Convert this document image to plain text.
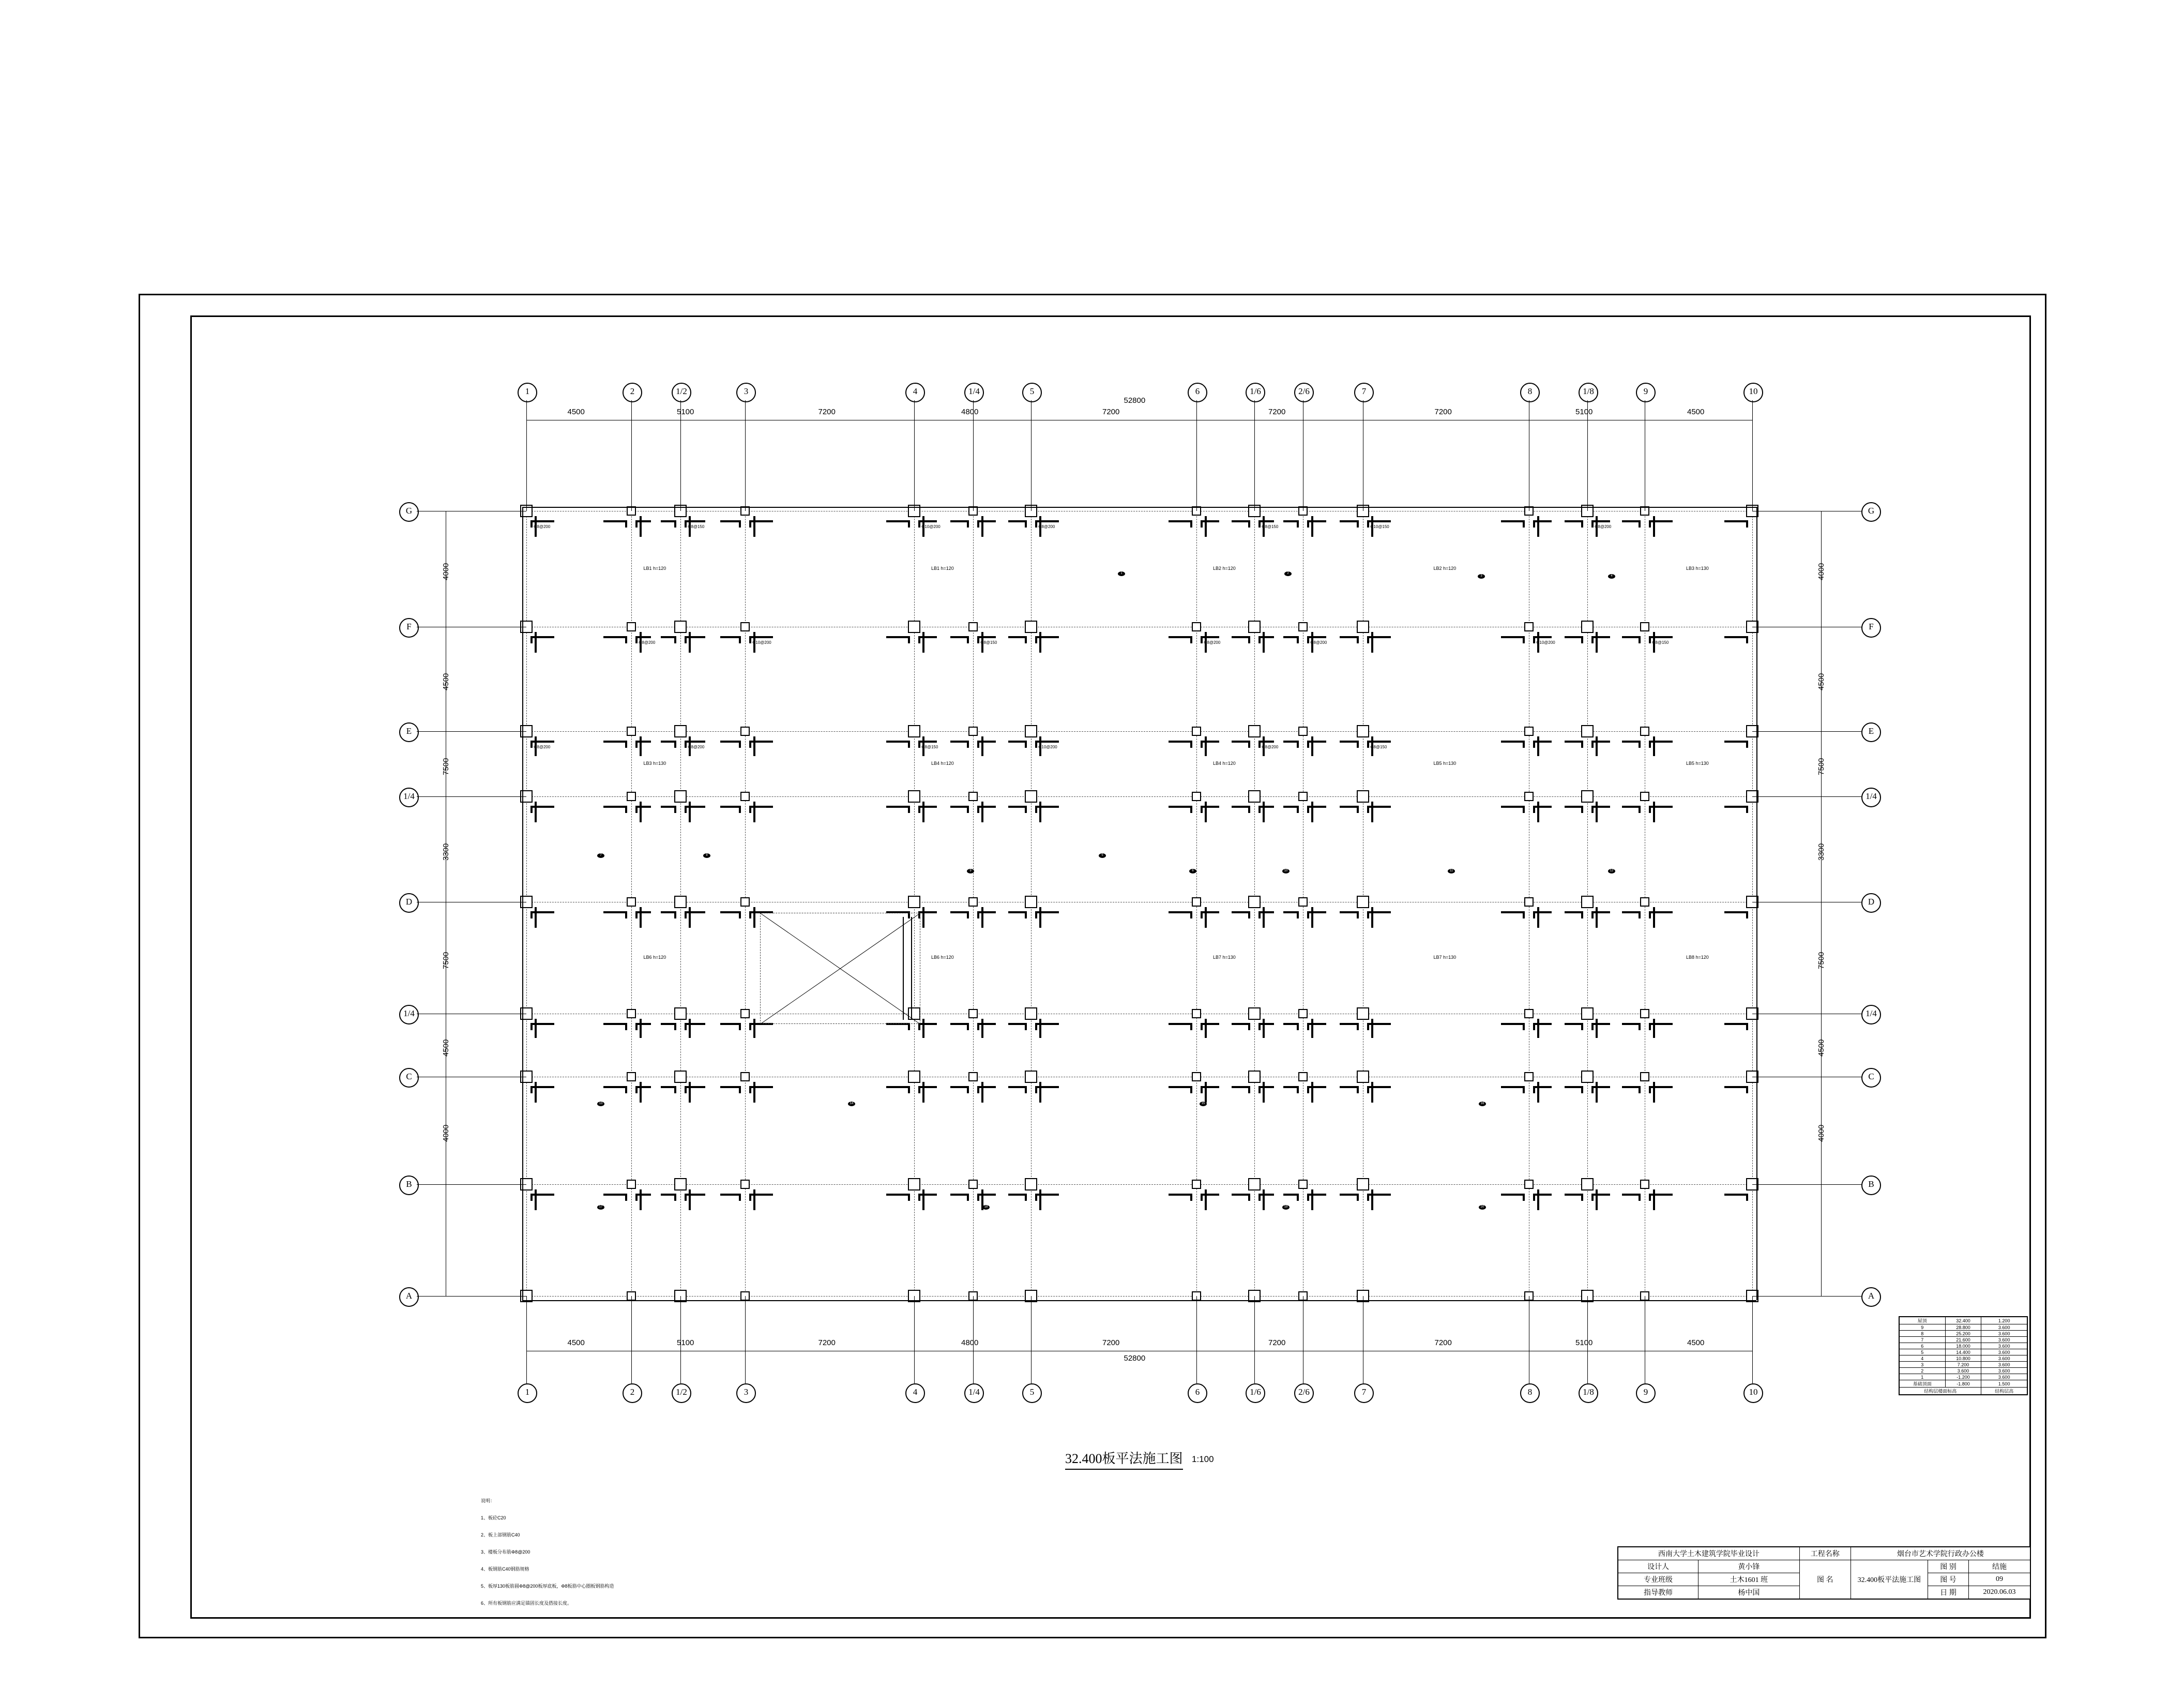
1	2	1/2	3	4	1/4	5	6	1/6	2/6	7	8	1/8	9	10
4500	5100	7200	4800	7200	7200	7200	5100	4500
52800
1	2	1/2	3	4	1/4	5	6	1/6	2/6	7	8	1/8	9	10
4500	5100	7200	4800	7200	7200	7200	5100	4500
52800
G
F
E
1/4
D
1/4
C
B
A
4000
4500
7500
3300
7500
4500
4000
G
F
E
1/4
D
1/4
C
B
A
4000
4500
7500
3300
7500
4500
4000
Φ8@200
LB1 h=120
Φ8@150	Φ10@200
LB1 h=120
Φ8@200
LB2 h=120
Φ8@150	Φ10@150
LB2 h=120
Φ8@200
LB3 h=130
Φ8@200	Φ10@200	Φ8@150	Φ8@200	Φ8@200	Φ10@200	Φ8@150
Φ8@200
LB3 h=130
Φ8@200	Φ8@150
LB4 h=120
Φ10@200
LB4 h=120
Φ8@200	Φ8@150
LB5 h=130	LB5 h=130
LB6 h=120	LB6 h=120	LB7 h=130	LB7 h=130	LB8 h=120
1	2
3	4
5
6
7	8
9	10	11	12
13	14	15	16
17	18	19	20
32.400板平法施工图 1:100

说明：

1、板砼C20

2、板上部钢筋C40

3、楼板分布筋Φ8@200

4、板钢筋C40钢筋规格

5、板厚130板筋圆Φ8@200板厚底板，Φ8板筋中心圈板钢筋构造

6、所有板钢筋应满足锚固长度及搭接长度。

屋顶	32.400	1.200
9	28.800	3.600
8	25.200	3.600
7	21.600	3.600
6	18.000	3.600
5	14.400	3.600
4	10.800	3.600
3	7.200	3.600
2	3.600	3.600
1	-1.200	3.600
基础顶面	-1.800	1.500
结构层楼面标高		结构层高
西南大学土木建筑学院毕业设计		工程名称	烟台市艺术学院行政办公楼		
设计人	黄小锋	图 名	32.400板平法施工图	图 别	结施
专业班级	土木1601 班			图 号	09
指导教师	杨中国			日 期	2020.06.03
